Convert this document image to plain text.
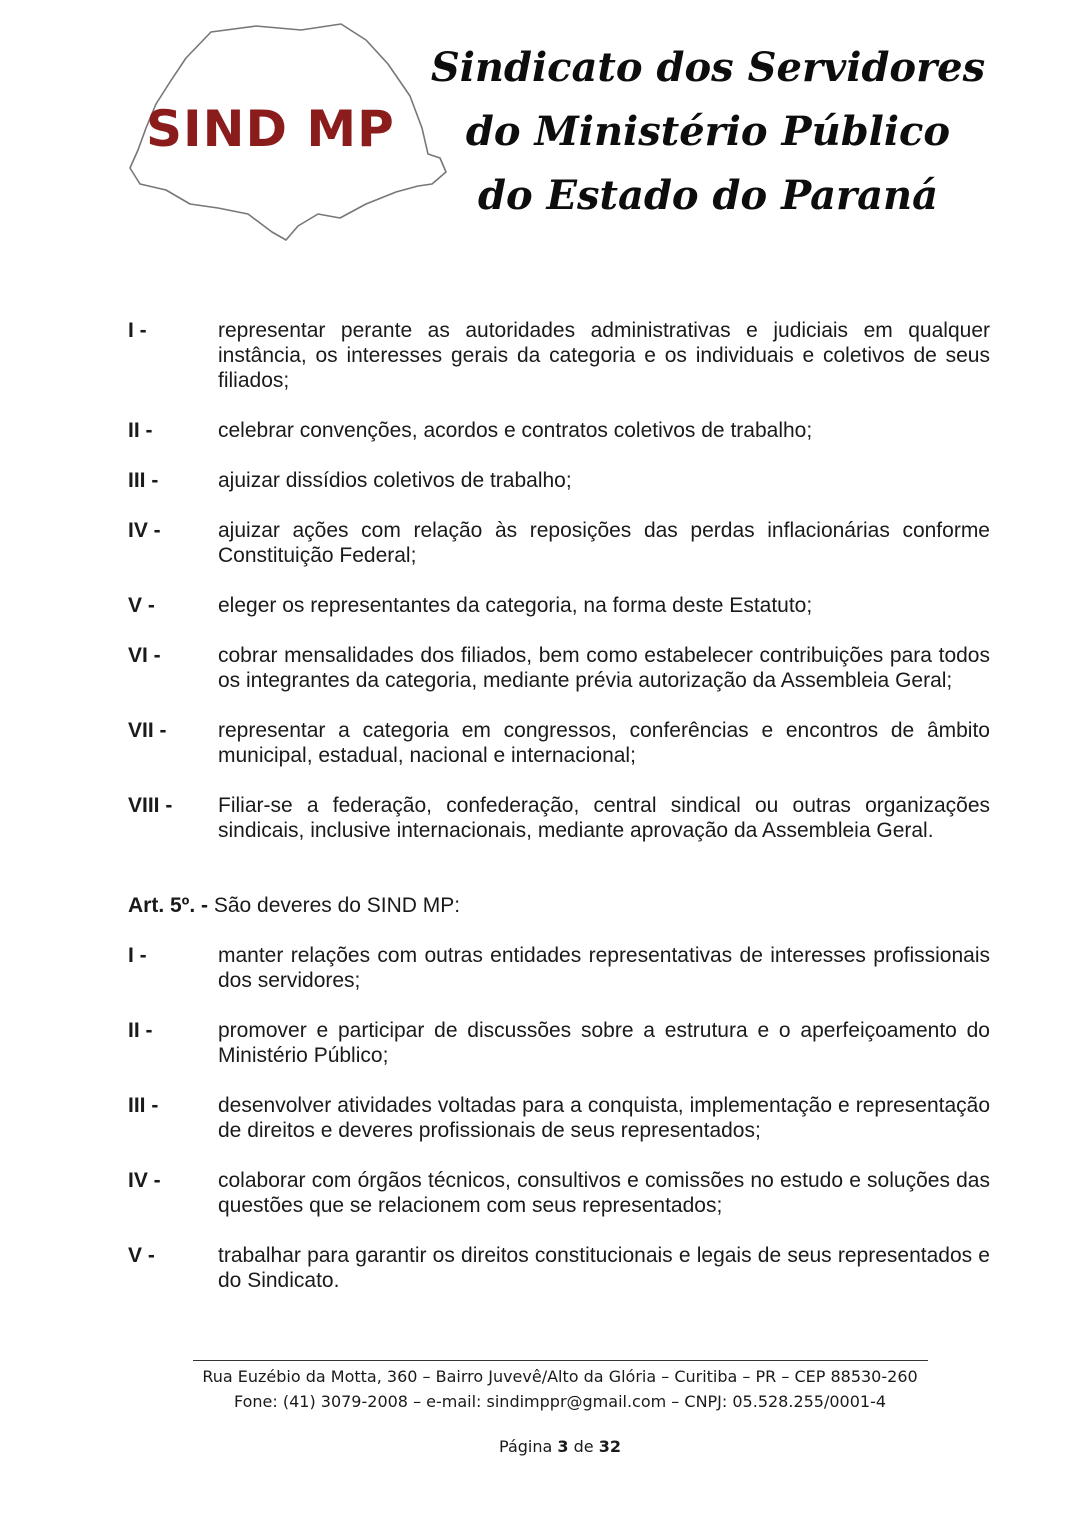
SIND MP
Sindicato dos Servidores
do Ministério Público
do Estado do Paraná
I -	representar perante as autoridades administrativas e judiciais em qualquer instância, os interesses gerais da categoria e os individuais e coletivos de seus filiados;
II -	celebrar convenções, acordos e contratos coletivos de trabalho;
III -	ajuizar dissídios coletivos de trabalho;
IV -	ajuizar ações com relação às reposições das perdas inflacionárias conforme Constituição Federal;
V -	eleger os representantes da categoria, na forma deste Estatuto;
VI -	cobrar mensalidades dos filiados, bem como estabelecer contribuições para todos os integrantes da categoria, mediante prévia autorização da Assembleia Geral;
VII -	representar a categoria em congressos, conferências e encontros de âmbito municipal, estadual, nacional e internacional;
VIII -	Filiar-se a federação, confederação, central sindical ou outras organizações sindicais, inclusive internacionais, mediante aprovação da Assembleia Geral.
Art. 5º. - São deveres do SIND MP:
I -	manter relações com outras entidades representativas de interesses profissionais dos servidores;
II -	promover e participar de discussões sobre a estrutura e o aperfeiçoamento do Ministério Público;
III -	desenvolver atividades voltadas para a conquista, implementação e representação de direitos e deveres profissionais de seus representados;
IV -	colaborar com órgãos técnicos, consultivos e comissões no estudo e soluções das questões que se relacionem com seus representados;
V -	trabalhar para garantir os direitos constitucionais e legais de seus representados e do Sindicato.
Rua Euzébio da Motta, 360 – Bairro Juvevê/Alto da Glória – Curitiba – PR – CEP 88530-260
Fone: (41) 3079-2008 – e-mail: sindimppr@gmail.com – CNPJ: 05.528.255/0001-4
Página 3 de 32
